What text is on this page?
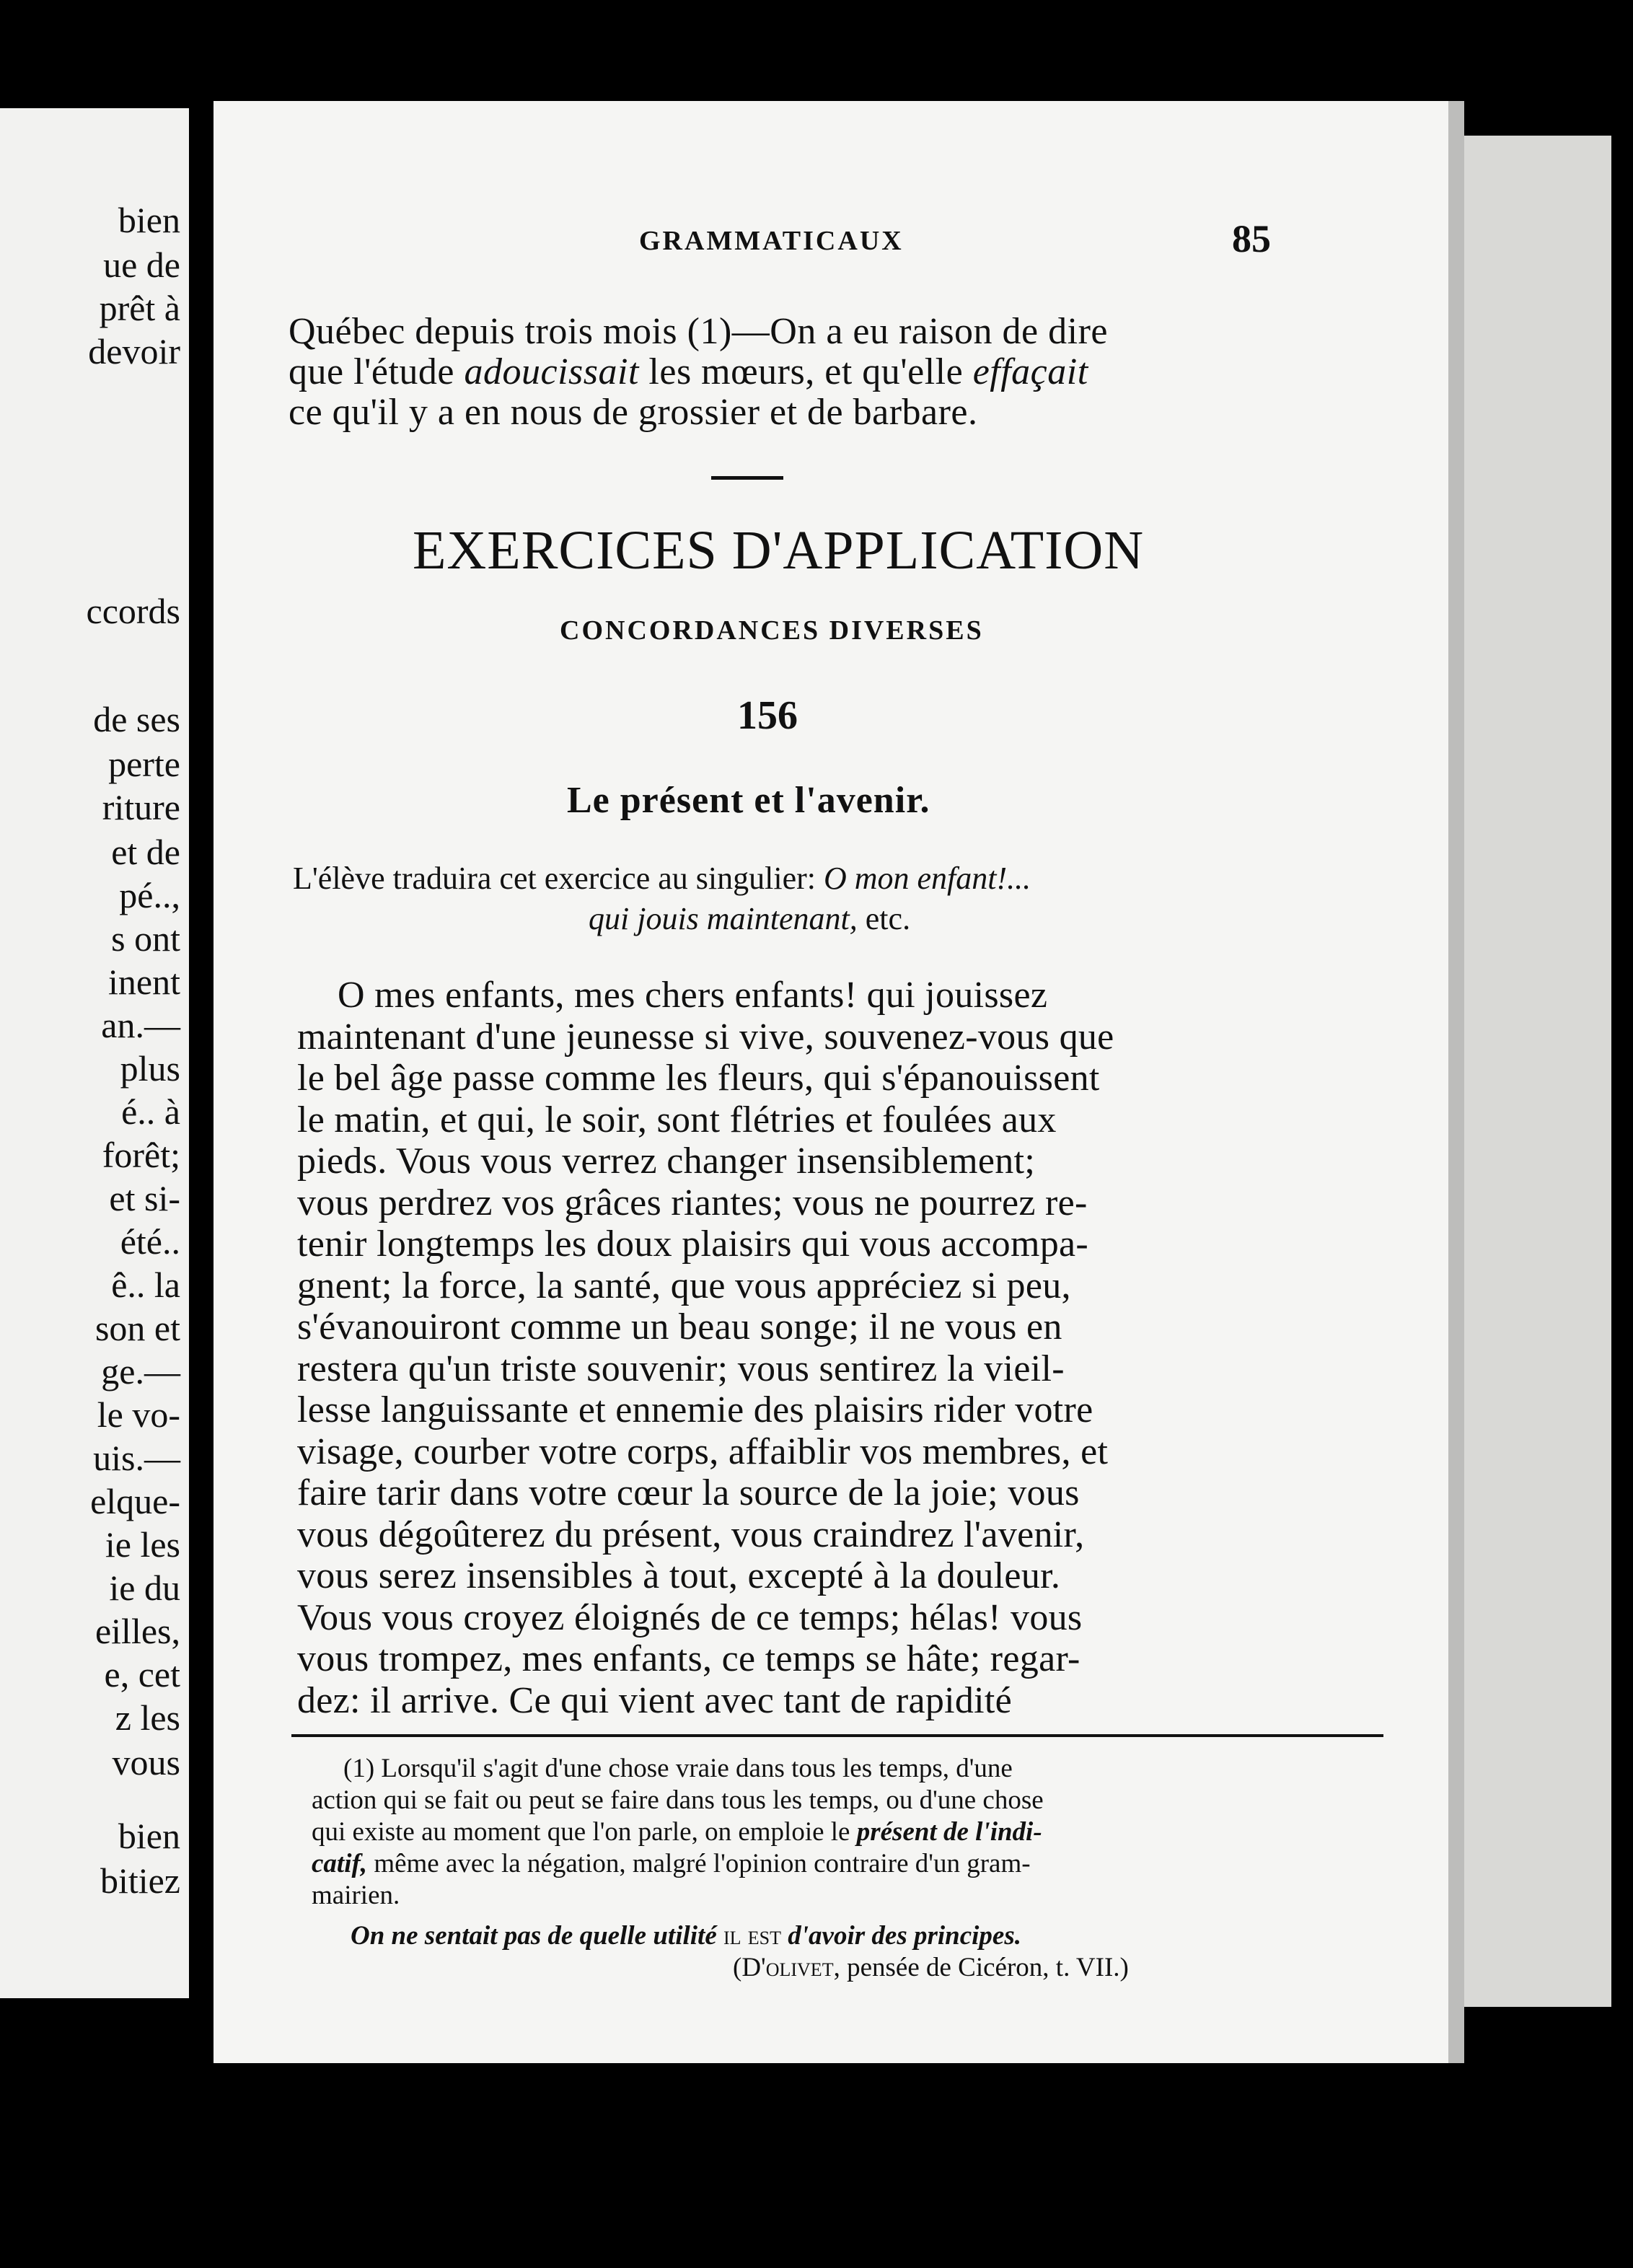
bien
ue de
prêt à
devoir
ccords
de ses
perte
riture
et de
pé..,
s ont
inent
an.—
plus
é.. à
forêt;
et si-
été..
ê.. la
son et
ge.—
le vo-
uis.—
elque-
ie les
ie du
eilles,
e, cet
z les
vous
bien
bitiez
GRAMMATICAUX	85
Québec depuis trois mois (1)—On a eu raison de dire
que l'étude adoucissait les mœurs, et qu'elle effaçait
ce qu'il y a en nous de grossier et de barbare.
EXERCICES D'APPLICATION
CONCORDANCES DIVERSES
156
Le présent et l'avenir.
L'élève traduira cet exercice au singulier: O mon enfant!...
qui jouis maintenant, etc.
O mes enfants, mes chers enfants! qui jouissez
maintenant d'une jeunesse si vive, souvenez-vous que
le bel âge passe comme les fleurs, qui s'épanouissent
le matin, et qui, le soir, sont flétries et foulées aux
pieds. Vous vous verrez changer insensiblement;
vous perdrez vos grâces riantes; vous ne pourrez re-
tenir longtemps les doux plaisirs qui vous accompa-
gnent; la force, la santé, que vous appréciez si peu,
s'évanouiront comme un beau songe; il ne vous en
restera qu'un triste souvenir; vous sentirez la vieil-
lesse languissante et ennemie des plaisirs rider votre
visage, courber votre corps, affaiblir vos membres, et
faire tarir dans votre cœur la source de la joie; vous
vous dégoûterez du présent, vous craindrez l'avenir,
vous serez insensibles à tout, excepté à la douleur.
Vous vous croyez éloignés de ce temps; hélas! vous
vous trompez, mes enfants, ce temps se hâte; regar-
dez: il arrive. Ce qui vient avec tant de rapidité
(1) Lorsqu'il s'agit d'une chose vraie dans tous les temps, d'une
action qui se fait ou peut se faire dans tous les temps, ou d'une chose
qui existe au moment que l'on parle, on emploie le présent de l'indi-
catif, même avec la négation, malgré l'opinion contraire d'un gram-
mairien.
On ne sentait pas de quelle utilité il est d'avoir des principes.
(D'olivet, pensée de Cicéron, t. VII.)
